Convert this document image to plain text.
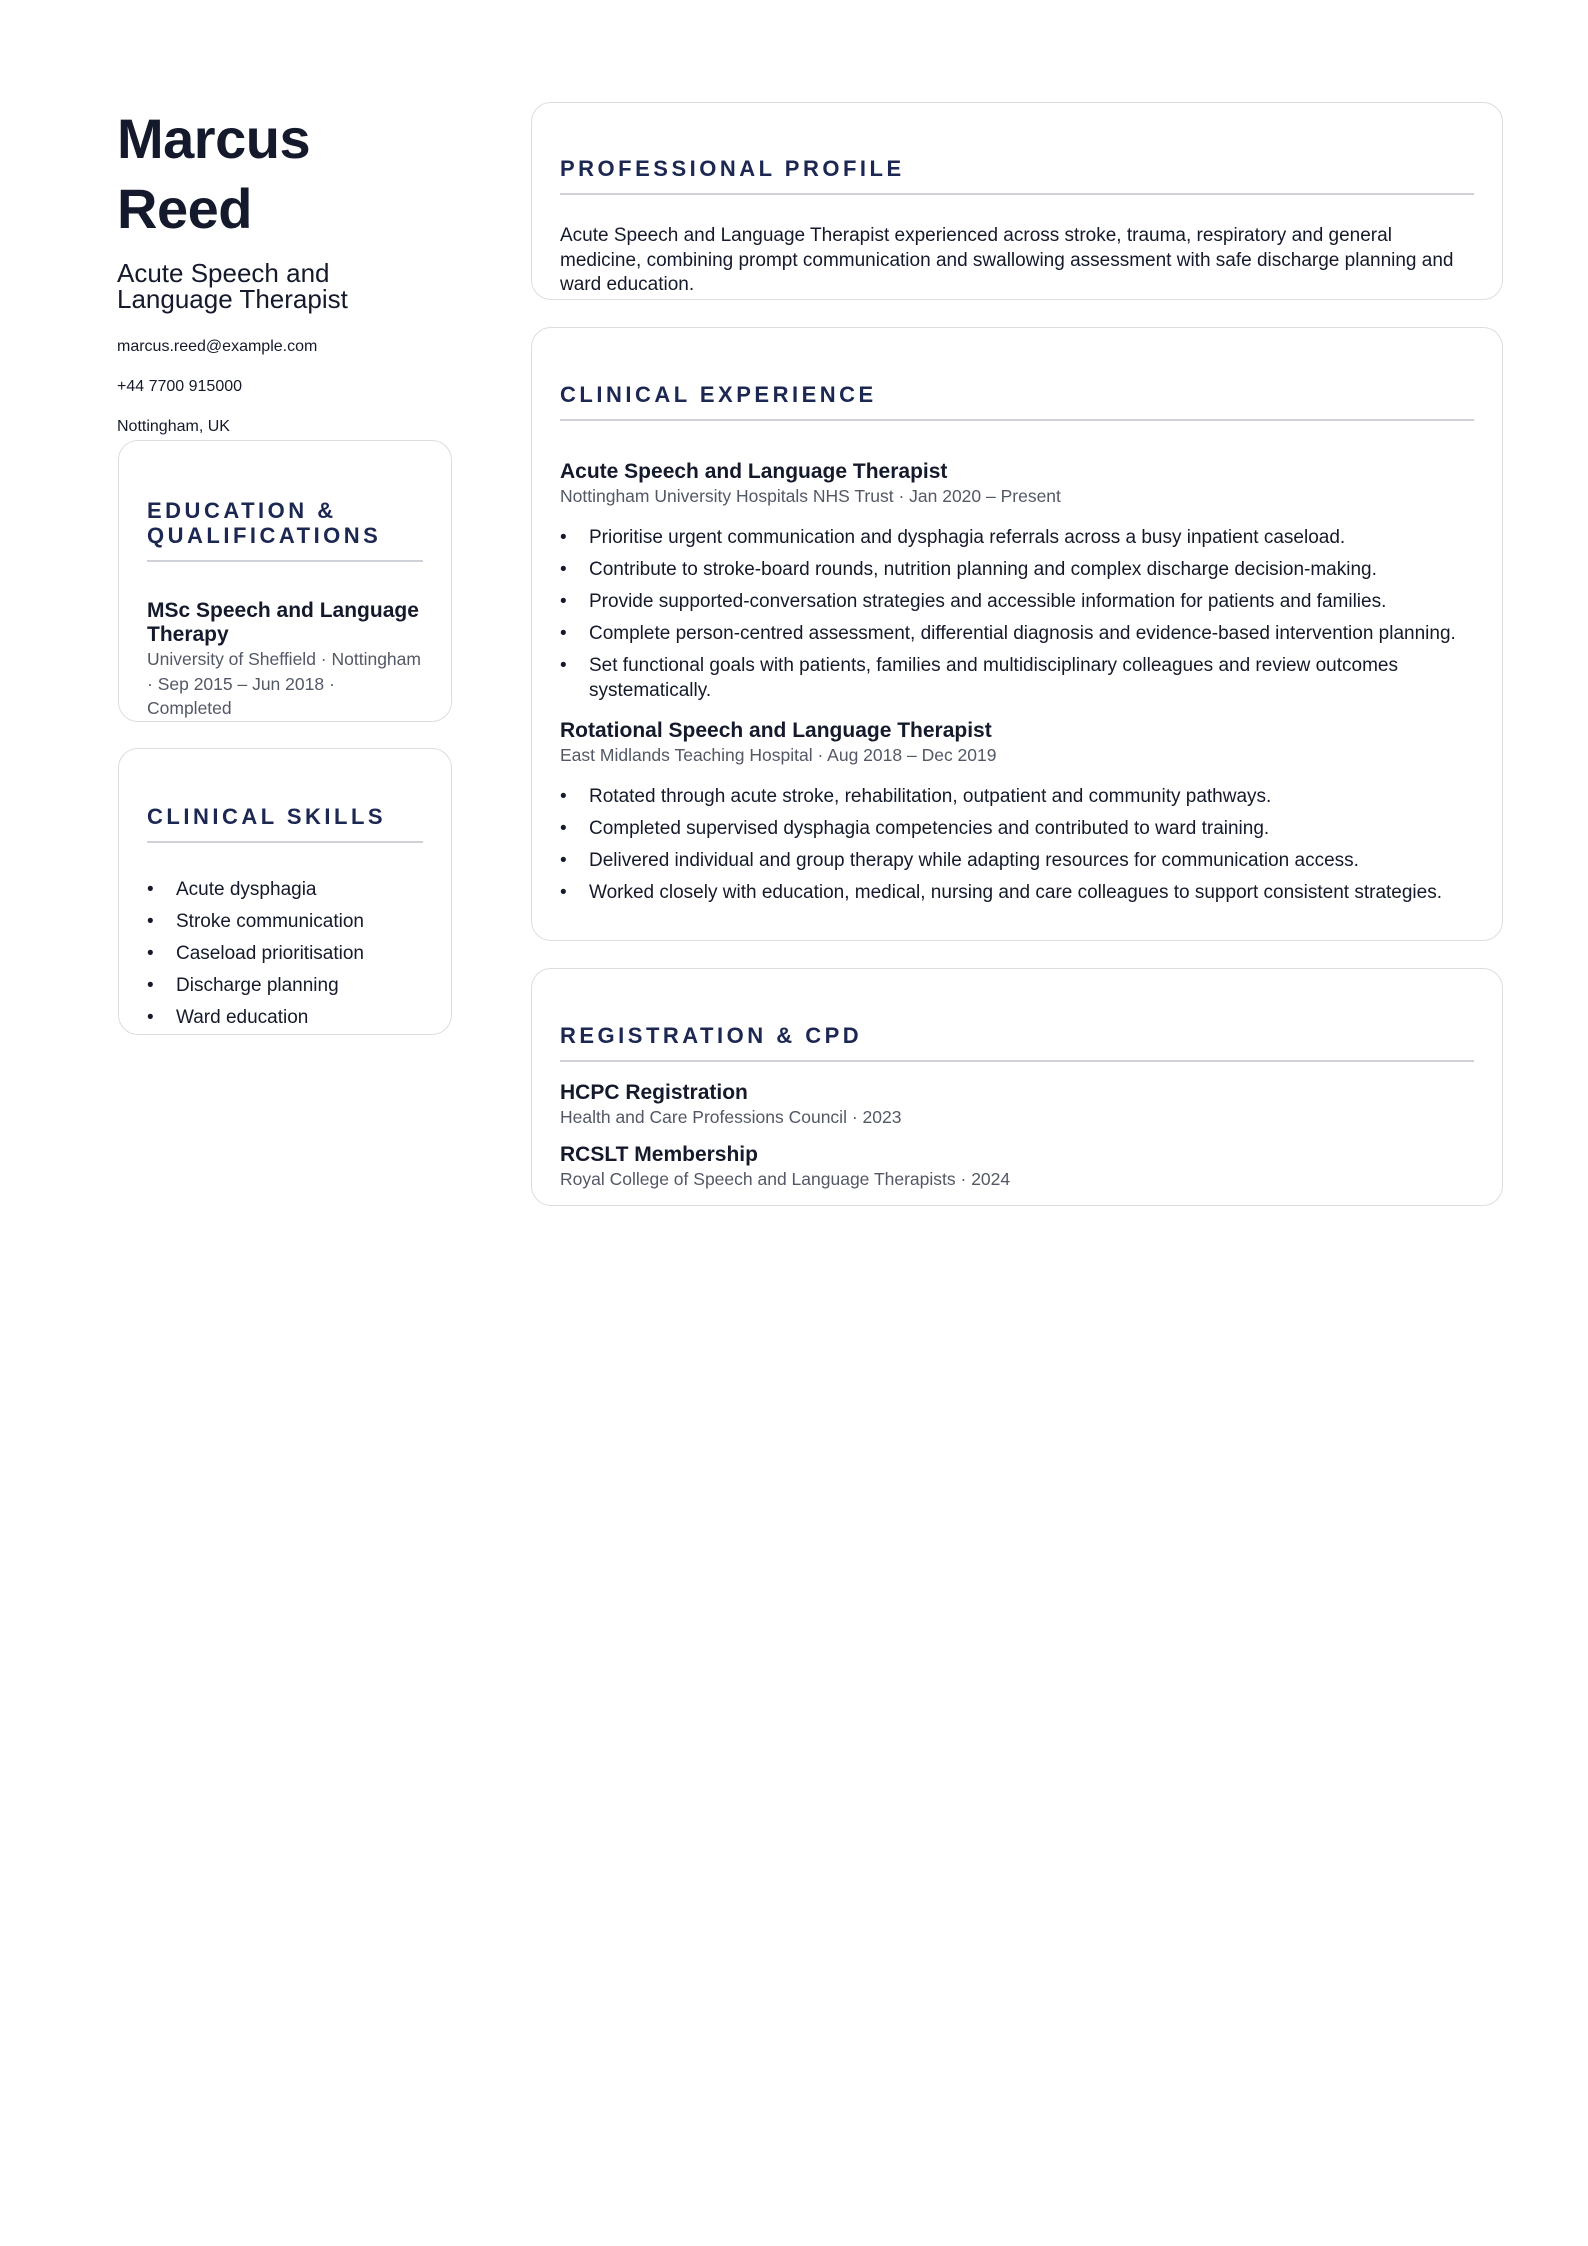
Marcus Reed
Acute Speech and Language Therapist
marcus.reed@example.com
+44 7700 915000
Nottingham, UK
EDUCATION & QUALIFICATIONS
MSc Speech and Language Therapy
University of Sheffield · Nottingham · Sep 2015 – Jun 2018 · Completed
CLINICAL SKILLS
• Acute dysphagia
• Stroke communication
• Caseload prioritisation
• Discharge planning
• Ward education
PROFESSIONAL PROFILE
Acute Speech and Language Therapist experienced across stroke, trauma, respiratory and general medicine, combining prompt communication and swallowing assessment with safe discharge planning and ward education.
CLINICAL EXPERIENCE
Acute Speech and Language Therapist
Nottingham University Hospitals NHS Trust · Jan 2020 – Present
• Prioritise urgent communication and dysphagia referrals across a busy inpatient caseload.
• Contribute to stroke-board rounds, nutrition planning and complex discharge decision-making.
• Provide supported-conversation strategies and accessible information for patients and families.
• Complete person-centred assessment, differential diagnosis and evidence-based intervention planning.
• Set functional goals with patients, families and multidisciplinary colleagues and review outcomes systematically.
Rotational Speech and Language Therapist
East Midlands Teaching Hospital · Aug 2018 – Dec 2019
• Rotated through acute stroke, rehabilitation, outpatient and community pathways.
• Completed supervised dysphagia competencies and contributed to ward training.
• Delivered individual and group therapy while adapting resources for communication access.
• Worked closely with education, medical, nursing and care colleagues to support consistent strategies.
REGISTRATION & CPD
HCPC Registration
Health and Care Professions Council · 2023
RCSLT Membership
Royal College of Speech and Language Therapists · 2024
